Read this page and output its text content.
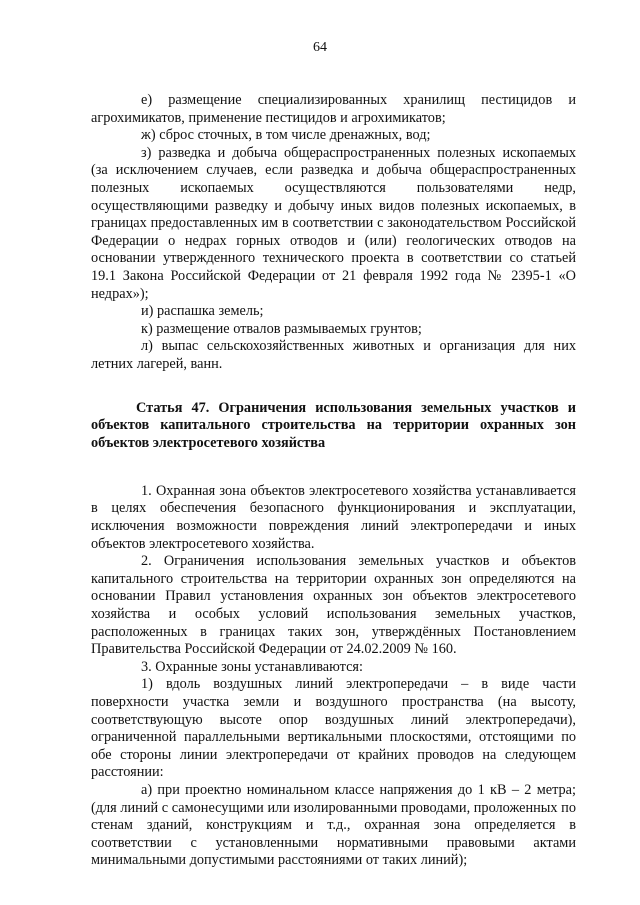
64

е) размещение специализированных хранилищ пестицидов и агрохимикатов, применение пестицидов и агрохимикатов;

ж) сброс сточных, в том числе дренажных, вод;

з) разведка и добыча общераспространенных полезных ископаемых (за исключением случаев, если разведка и добыча общераспространенных полезных ископаемых осуществляются пользователями недр, осуществляющими разведку и добычу иных видов полезных ископаемых, в границах предоставленных им в соответствии с законодательством Российской Федерации о недрах горных отводов и (или) геологических отводов на основании утвержденного технического проекта в соответствии со статьей 19.1 Закона Российской Федерации от 21 февраля 1992 года № 2395-1 «О недрах»);

и) распашка земель;

к) размещение отвалов размываемых грунтов;

л) выпас сельскохозяйственных животных и организация для них летних лагерей, ванн.

Статья 47. Ограничения использования земельных участков и объектов капитального строительства на территории охранных зон объектов электросетевого хозяйства

1. Охранная зона объектов электросетевого хозяйства устанавливается в целях обеспечения безопасного функционирования и эксплуатации, исключения возможности повреждения линий электропередачи и иных объектов электросетевого хозяйства.

2. Ограничения использования земельных участков и объектов капитального строительства на территории охранных зон определяются на основании Правил установления охранных зон объектов электросетевого хозяйства и особых условий использования земельных участков, расположенных в границах таких зон, утверждённых Постановлением Правительства Российской Федерации от 24.02.2009 № 160.

3. Охранные зоны устанавливаются:

1) вдоль воздушных линий электропередачи – в виде части поверхности участка земли и воздушного пространства (на высоту, соответствующую высоте опор воздушных линий электропередачи), ограниченной параллельными вертикальными плоскостями, отстоящими по обе стороны линии электропередачи от крайних проводов на следующем расстоянии:

а) при проектно номинальном классе напряжения до 1 кВ – 2 метра; (для линий с самонесущими или изолированными проводами, проложенных по стенам зданий, конструкциям и т.д., охранная зона определяется в соответствии с установленными нормативными правовыми актами минимальными допустимыми расстояниями от таких линий);
